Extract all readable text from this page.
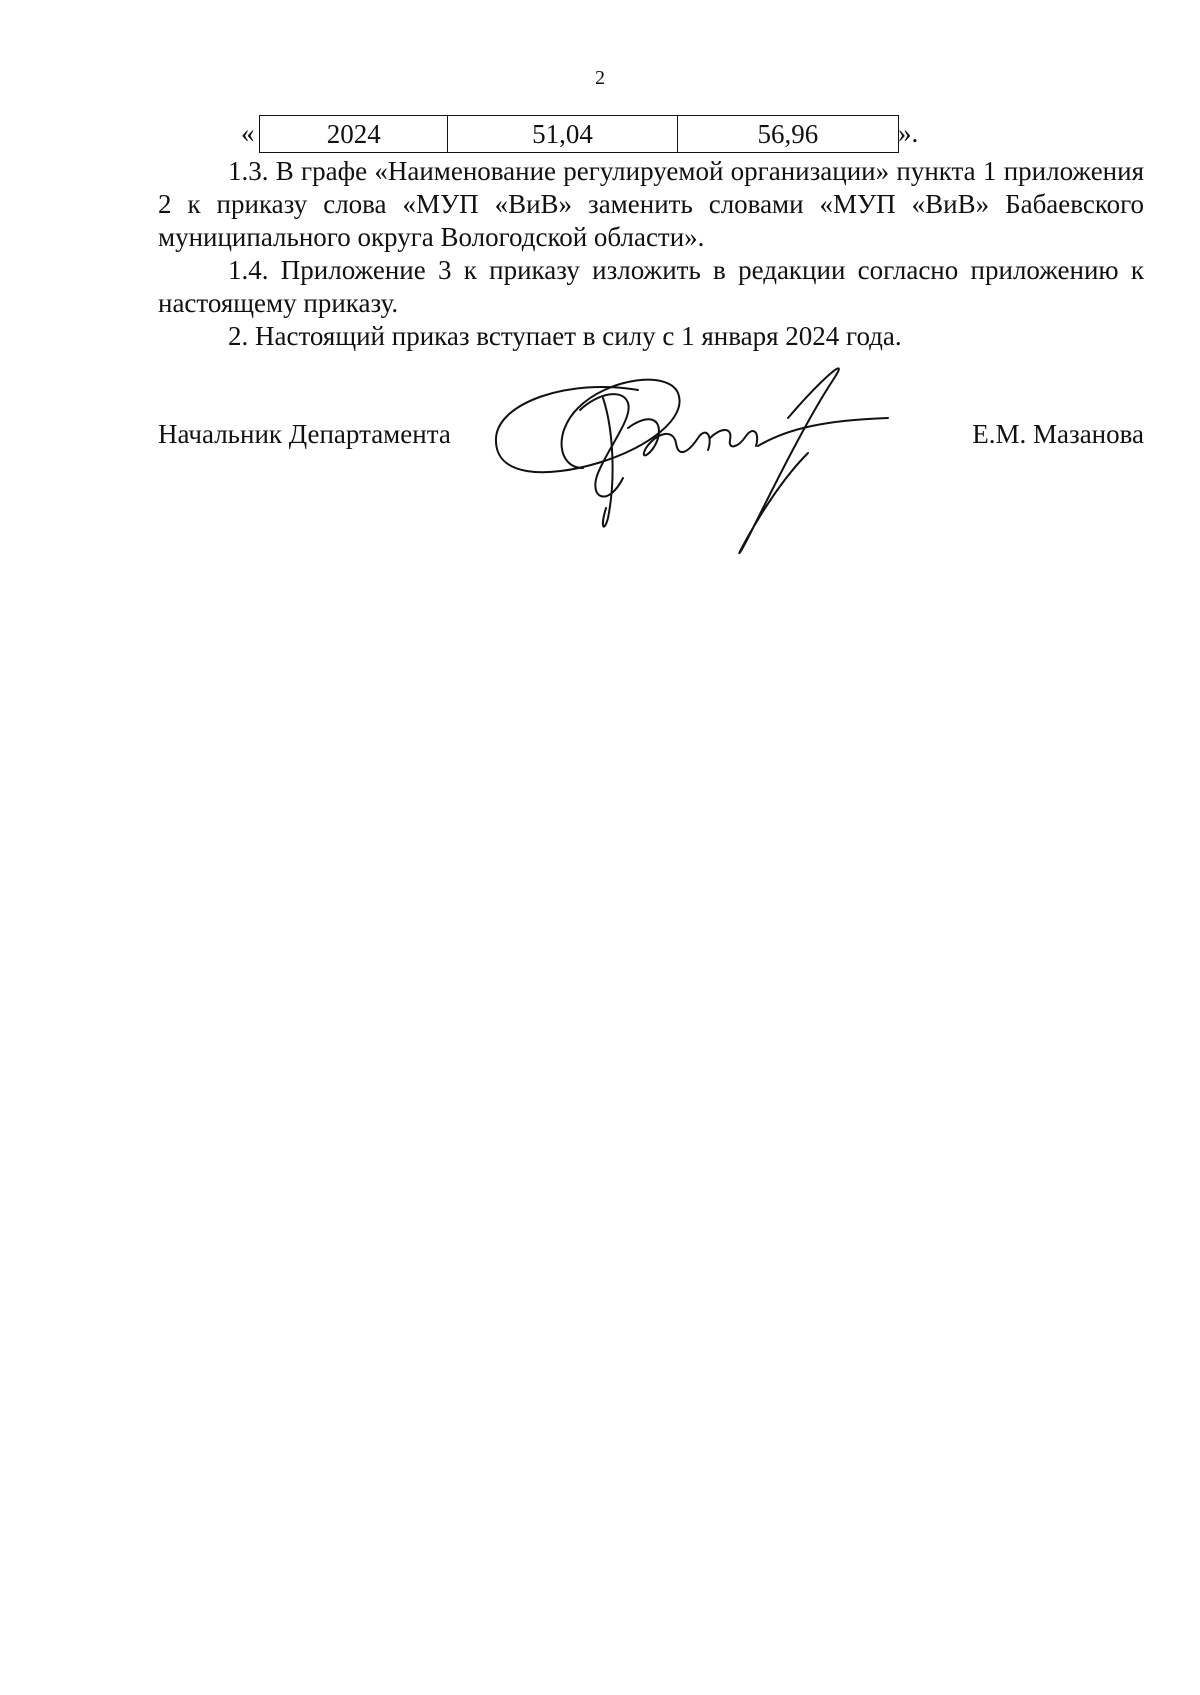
2
«	2024	51,04	56,96	».
1.3. В графе «Наименование регулируемой организации» пункта 1 приложения 2 к приказу слова «МУП «ВиВ» заменить словами «МУП «ВиВ» Бабаевского муниципального округа Вологодской области».
1.4. Приложение 3 к приказу изложить в редакции согласно приложению к настоящему приказу.
2. Настоящий приказ вступает в силу с 1 января 2024 года.
Начальник Департамента	Е.М. Мазанова
